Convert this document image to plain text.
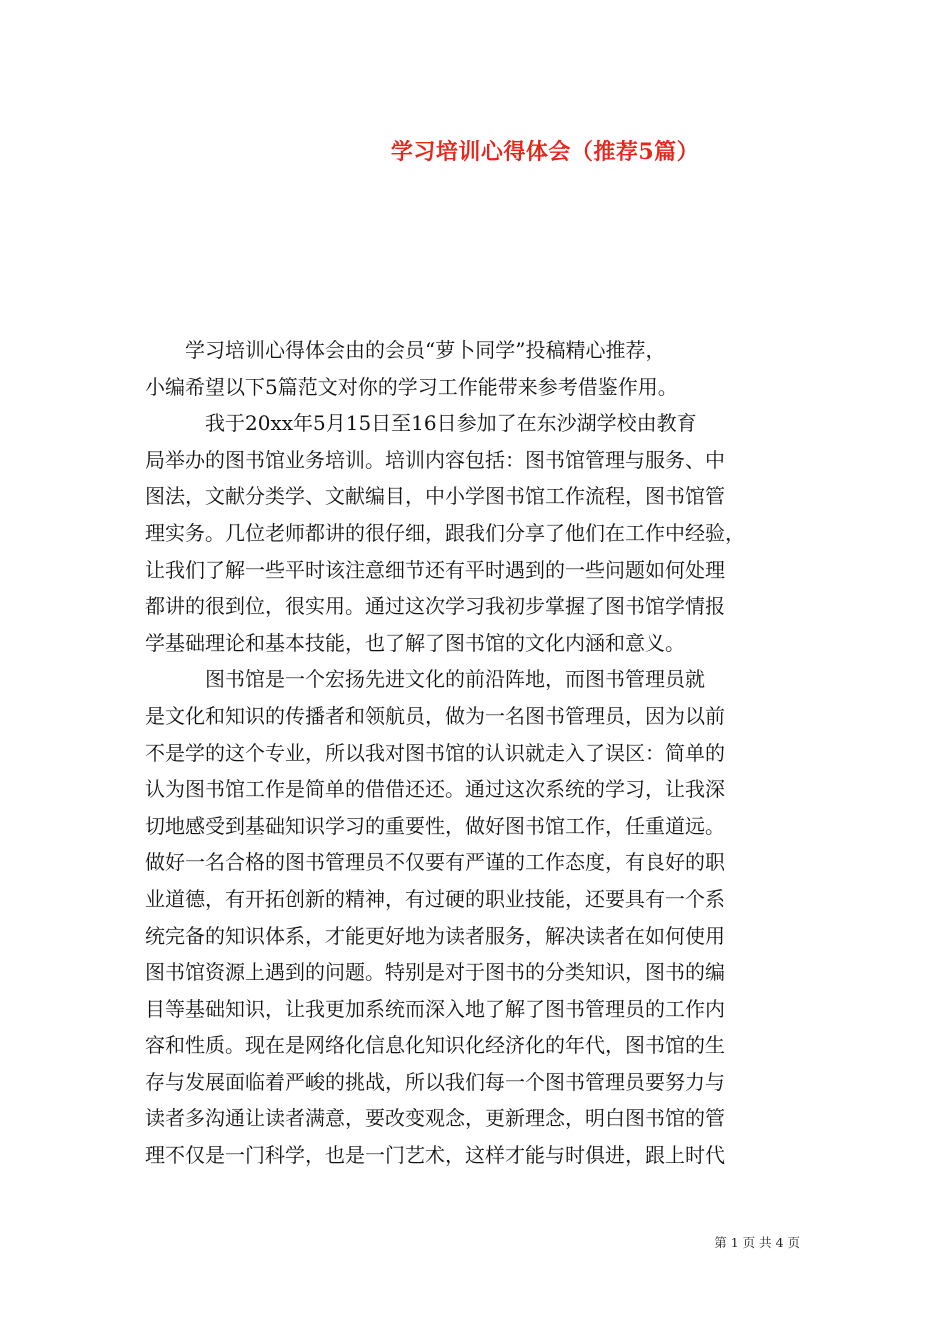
学习培训心得体会（推荐5篇）
　　学习培训心得体会由的会员“萝卜同学”投稿精心推荐，
小编希望以下5篇范文对你的学习工作能带来参考借鉴作用。
　　　我于20xx年5月15日至16日参加了在东沙湖学校由教育
局举办的图书馆业务培训。培训内容包括：图书馆管理与服务、中
图法，文献分类学、文献编目，中小学图书馆工作流程，图书馆管
理实务。几位老师都讲的很仔细，跟我们分享了他们在工作中经验，
让我们了解一些平时该注意细节还有平时遇到的一些问题如何处理
都讲的很到位，很实用。通过这次学习我初步掌握了图书馆学情报
学基础理论和基本技能，也了解了图书馆的文化内涵和意义。
　　　图书馆是一个宏扬先进文化的前沿阵地，而图书管理员就
是文化和知识的传播者和领航员，做为一名图书管理员，因为以前
不是学的这个专业，所以我对图书馆的认识就走入了误区：简单的
认为图书馆工作是简单的借借还还。通过这次系统的学习，让我深
切地感受到基础知识学习的重要性，做好图书馆工作，任重道远。
做好一名合格的图书管理员不仅要有严谨的工作态度，有良好的职
业道德，有开拓创新的精神，有过硬的职业技能，还要具有一个系
统完备的知识体系，才能更好地为读者服务，解决读者在如何使用
图书馆资源上遇到的问题。特别是对于图书的分类知识，图书的编
目等基础知识，让我更加系统而深入地了解了图书管理员的工作内
容和性质。现在是网络化信息化知识化经济化的年代，图书馆的生
存与发展面临着严峻的挑战，所以我们每一个图书管理员要努力与
读者多沟通让读者满意，要改变观念，更新理念，明白图书馆的管
理不仅是一门科学，也是一门艺术，这样才能与时俱进，跟上时代
第 1 页 共 4 页
